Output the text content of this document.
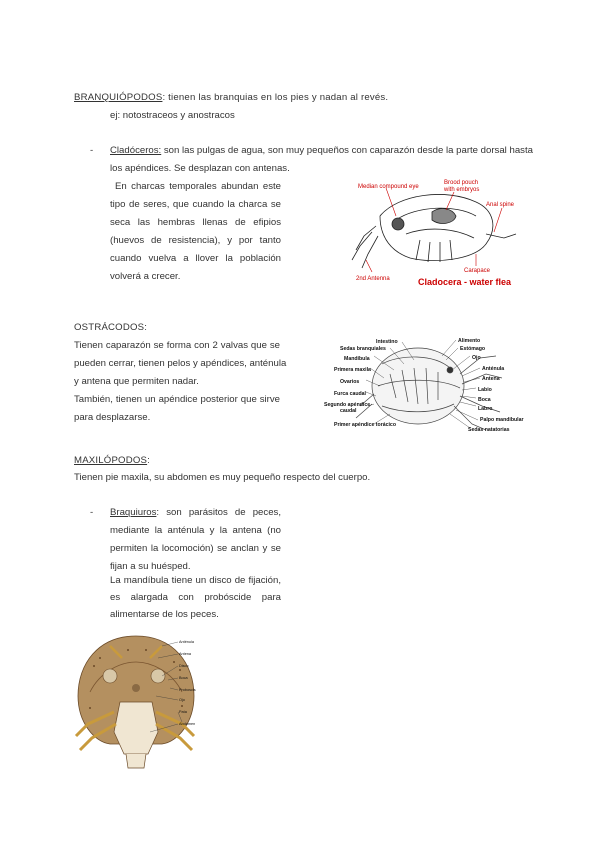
BRANQUIÓPODOS: tienen las branquias en los pies y nadan al revés.
ej: notostraceos y anostracos
- Cladóceros: son las pulgas de agua, son muy pequeños con caparazón desde la parte dorsal hasta
los apéndices. Se desplazan con antenas.
En charcas temporales abundan este
tipo de seres, que cuando la charca se
seca las hembras llenas de efipios
(huevos de resistencia), y por tanto
cuando vuelva a llover la población
volverá a crecer.
Median compound eye
Brood pouch
with embryos
Anal spine
2nd Antenna
Carapace
Cladocera - water flea
OSTRÁCODOS:
Tienen caparazón se forma con 2 valvas que se
pueden cerrar, tienen pelos y apéndices, anténula
y antena que permiten nadar.
También, tienen un apéndice posterior que sirve
para desplazarse.
Intestino
Sedas branquiales
Mandíbula
Primera maxila
Ovarios
Furca caudal
Segundo apéndice
caudal
Primer apéndice torácico
Alimento
Estómago
Ojo
Anténula
Antena
Labio
Boca
Labro
Palpo mandibular
Sedas natatorias
MAXILÓPODOS:
Tienen pie maxila, su abdomen es muy pequeño respecto del cuerpo.
- Braquiuros: son parásitos de peces,
mediante la anténula y la antena (no
permiten la locomoción) se anclan y se
fijan a su huésped.
La mandíbula tiene un disco de fijación,
es alargada con probóscide para
alimentarse de los peces.
Anténula
Antena
Disco
Boca
Proboscis
Ojo
Pata
Abdomen
